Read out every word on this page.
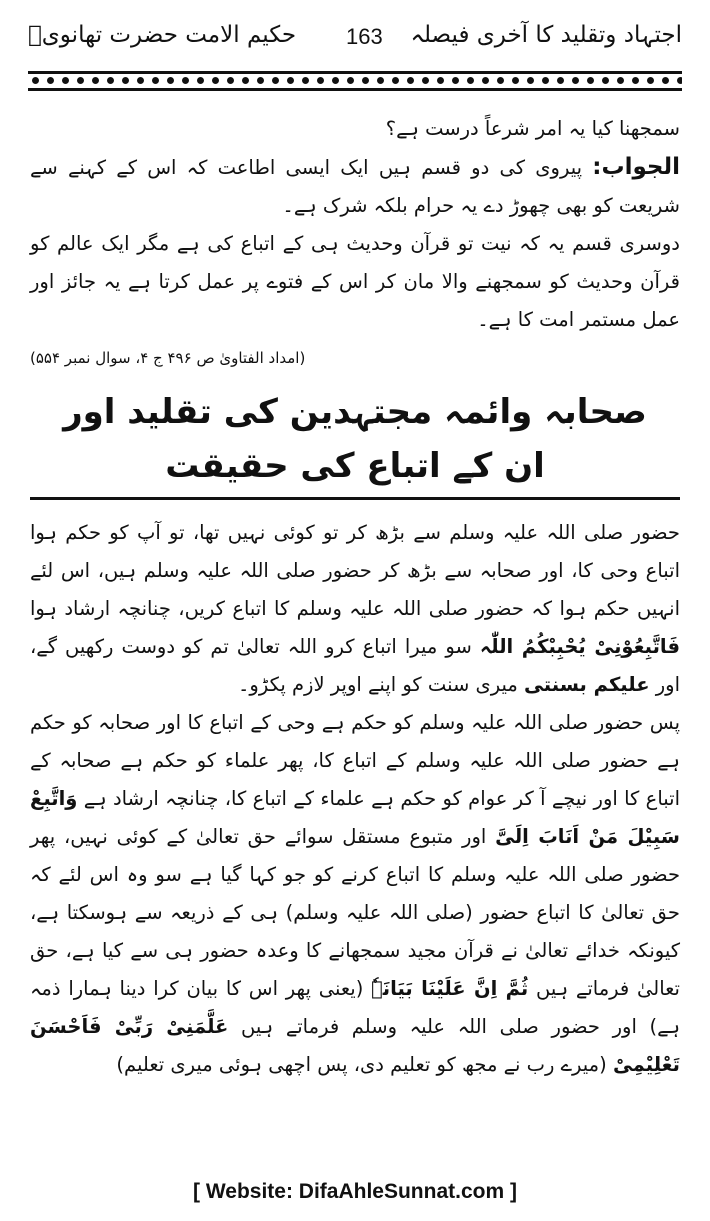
اجتہاد وتقلید کا آخری فیصلہ
163
حکیم الامت حضرت تھانویؒ

سمجھنا کیا یہ امر شرعاً درست ہے؟

الجواب: پیروی کی دو قسم ہیں ایک ایسی اطاعت کہ اس کے کہنے سے شریعت کو بھی چھوڑ دے یہ حرام بلکہ شرک ہے۔

دوسری قسم یہ کہ نیت تو قرآن وحدیث ہی کے اتباع کی ہے مگر ایک عالم کو قرآن وحدیث کو سمجھنے والا مان کر اس کے فتوے پر عمل کرتا ہے یہ جائز اور عمل مستمر امت کا ہے۔

(امداد الفتاویٰ ص ۴۹۶ ج ۴، سوال نمبر ۵۵۴)

صحابہ وائمہ مجتہدین کی تقلید اور ان کے اتباع کی حقیقت

حضور صلی اللہ علیہ وسلم سے بڑھ کر تو کوئی نہیں تھا، تو آپ کو حکم ہوا اتباع وحی کا، اور صحابہ سے بڑھ کر حضور صلی اللہ علیہ وسلم ہیں، اس لئے انہیں حکم ہوا کہ حضور صلی اللہ علیہ وسلم کا اتباع کریں، چنانچہ ارشاد ہوا فَاتَّبِعُوْنِیْ یُحْبِبْکُمُ اللّٰہ سو میرا اتباع کرو اللہ تعالیٰ تم کو دوست رکھیں گے، اور علیکم بسنتی میری سنت کو اپنے اوپر لازم پکڑو۔

پس حضور صلی اللہ علیہ وسلم کو حکم ہے وحی کے اتباع کا اور صحابہ کو حکم ہے حضور صلی اللہ علیہ وسلم کے اتباع کا، پھر علماء کو حکم ہے صحابہ کے اتباع کا اور نیچے آ کر عوام کو حکم ہے علماء کے اتباع کا، چنانچہ ارشاد ہے وَاتَّبِعْ سَبِیْلَ مَنْ اَنَابَ اِلَیَّ اور متبوع مستقل سوائے حق تعالیٰ کے کوئی نہیں، پھر حضور صلی اللہ علیہ وسلم کا اتباع کرنے کو جو کہا گیا ہے سو وہ اس لئے کہ حق تعالیٰ کا اتباع حضور (صلی اللہ علیہ وسلم) ہی کے ذریعہ سے ہوسکتا ہے، کیونکہ خدائے تعالیٰ نے قرآن مجید سمجھانے کا وعدہ حضور ہی سے کیا ہے، حق تعالیٰ فرماتے ہیں ثُمَّ اِنَّ عَلَیْنَا بَیَانَہٗ (یعنی پھر اس کا بیان کرا دینا ہمارا ذمہ ہے) اور حضور صلی اللہ علیہ وسلم فرماتے ہیں عَلَّمَنِیْ رَبِّیْ فَاَحْسَنَ تَعْلِیْمِیْ (میرے رب نے مجھ کو تعلیم دی، پس اچھی ہوئی میری تعلیم)

[ Website: DifaAhleSunnat.com ]
